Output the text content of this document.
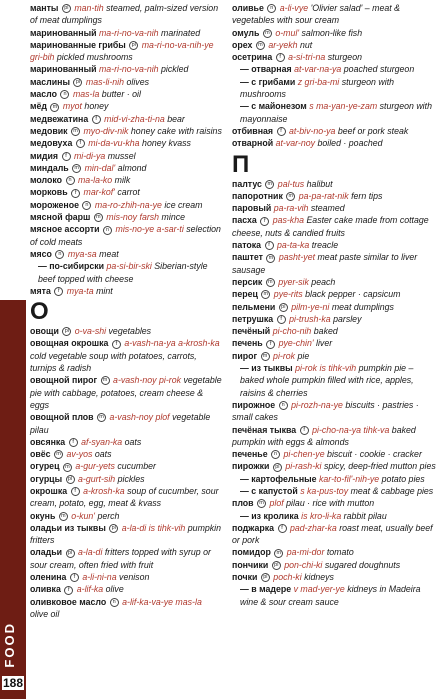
FOOD
188

манты pl man-tih steamed, palm-sized version of meat dumplings

маринованный ma-ri-no-va-nih marinated

маринованные грибы pl ma-ri-no-va-nih-ye gri-bih pickled mushrooms

маринованный ma-ri-no-va-nih pickled

маслины pl mas-li-nih olives

масло n mas-la butter · oil

мёд m myot honey

медвежатина f mid-vi-zha-ti-na bear

медовик m myo-div-nik honey cake with raisins

медовуха f mi-da-vu-kha honey kvass

мидия f mi-di-ya mussel

миндаль m min-dal' almond

молоко n ma-la-ko milk

морковь f mar-kof' carrot

мороженое n ma-ro-zhih-na-ye ice cream

мясной фарш m mis-noy farsh mince

мясное ассорти n mis-no-ye a-sar-ti selection of cold meats

мясо n mya-sa meat

— по-сибирски pa-si-bir-ski Siberian-style beef topped with cheese

мята f mya-ta mint

O

овощи pl o-va-shi vegetables

овощная окрошка f a-vash-na-ya a-krosh-ka cold vegetable soup with potatoes, carrots, turnips & radish

овощной пирог m a-vash-noy pi-rok vegetable pie with cabbage, potatoes, cream cheese & eggs

овощной плов m a-vash-noy plof vegetable pilau

овсянка f af-syan-ka oats

овёс m av-yos oats

огурец m a-gur-yets cucumber

огурцы pl a-gurt-sih pickles

окрошка f a-krosh-ka soup of cucumber, sour cream, potato, egg, meat & kvass

окунь m o-kun' perch

оладьи из тыквы pl a-la-di is tihk-vih pumpkin fritters

оладьи pl a-la-di fritters topped with syrup or sour cream, often fried with fruit

оленина f a-li-ni-na venison

оливка f a-lif-ka olive

оливковое масло n a-lif-ka-va-ye mas-la olive oil

оливье n a-li-vye 'Olivier salad' – meat & vegetables with sour cream

омуль m o-mul' salmon-like fish

орех m ar-yekh nut

осетрина f a-si-tri-na sturgeon

— отварная at-var-na-ya poached sturgeon

— с грибами z gri-ba-mi sturgeon with mushrooms

— с майонезом s ma-yan-ye-zam sturgeon with mayonnaise

отбивная f at-biv-no-ya beef or pork steak

отварной at-var-noy boiled · poached

П

палтус m pal-tus halibut

папоротник m pa-pa-rat-nik fern tips

паровый pa-ra-vih steamed

пасха f pas-kha Easter cake made from cottage cheese, nuts & candied fruits

патока f pa-ta-ka treacle

паштет m pasht-yet meat paste similar to liver sausage

персик m pyer-sik peach

перец m pye-rits black pepper · capsicum

пельмени pl pilm-ye-ni meat dumplings

петрушка f pi-trush-ka parsley

печёный pi-cho-nih baked

печень f pye-chin' liver

пирог m pi-rok pie

— из тыквы pi-rok is tihk-vih pumpkin pie – baked whole pumpkin filled with rice, apples, raisins & cherries

пирожное n pi-rozh-na-ye biscuits · pastries · small cakes

печёная тыква f pi-cho-na-ya tihk-va baked pumpkin with eggs & almonds

печенье n pi-chen-ye biscuit · cookie · cracker

пирожки pl pi-rash-ki spicy, deep-fried mutton pies

— картофельные kar-to-fil'-nih-ye potato pies

— с капустой s ka-pus-toy meat & cabbage pies

плов m plof pilau · rice with mutton

— из кролика is kro-li-ka rabbit pilau

поджарка f pad-zhar-ka roast meat, usually beef or pork

помидор m pa-mi-dor tomato

пончики pl pon-chi-ki sugared doughnuts

почки pl poch-ki kidneys

— в мадере v mad-yer-ye kidneys in Madeira wine & sour cream sauce
